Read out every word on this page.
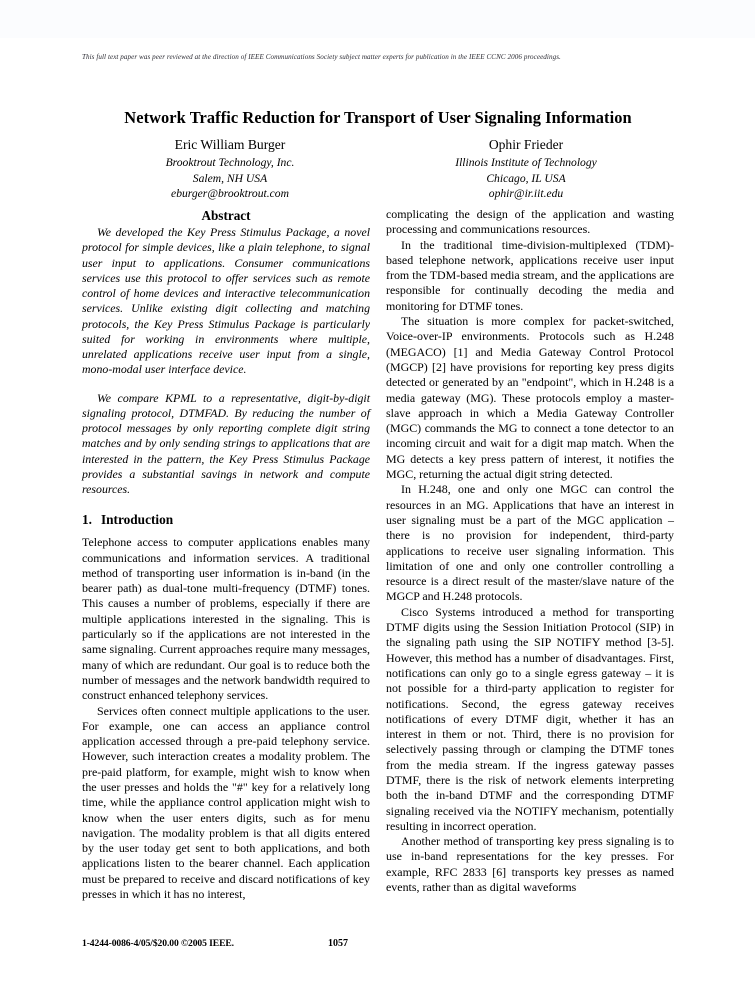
This full text paper was peer reviewed at the direction of IEEE Communications Society subject matter experts for publication in the IEEE CCNC 2006 proceedings.
Network Traffic Reduction for Transport of User Signaling Information
Eric William Burger
Brooktrout Technology, Inc.
Salem, NH USA
eburger@brooktrout.com
Ophir Frieder
Illinois Institute of Technology
Chicago, IL USA
ophir@ir.iit.edu
Abstract

We developed the Key Press Stimulus Package, a novel protocol for simple devices, like a plain telephone, to signal user input to applications. Consumer communications services use this protocol to offer services such as remote control of home devices and interactive telecommunication services. Unlike existing digit collecting and matching protocols, the Key Press Stimulus Package is particularly suited for working in environments where multiple, unrelated applications receive user input from a single, mono-modal user interface device.

We compare KPML to a representative, digit-by-digit signaling protocol, DTMFAD. By reducing the number of protocol messages by only reporting complete digit string matches and by only sending strings to applications that are interested in the pattern, the Key Press Stimulus Package provides a substantial savings in network and compute resources.

1. Introduction

Telephone access to computer applications enables many communications and information services. A traditional method of transporting user information is in-band (in the bearer path) as dual-tone multi-frequency (DTMF) tones. This causes a number of problems, especially if there are multiple applications interested in the signaling. This is particularly so if the applications are not interested in the same signaling. Current approaches require many messages, many of which are redundant. Our goal is to reduce both the number of messages and the network bandwidth required to construct enhanced telephony services.

Services often connect multiple applications to the user. For example, one can access an appliance control application accessed through a pre-paid telephony service. However, such interaction creates a modality problem. The pre-paid platform, for example, might wish to know when the user presses and holds the "#" key for a relatively long time, while the appliance control application might wish to know when the user enters digits, such as for menu navigation. The modality problem is that all digits entered by the user today get sent to both applications, and both applications listen to the bearer channel. Each application must be prepared to receive and discard notifications of key presses in which it has no interest,

complicating the design of the application and wasting processing and communications resources.

In the traditional time-division-multiplexed (TDM)-based telephone network, applications receive user input from the TDM-based media stream, and the applications are responsible for continually decoding the media and monitoring for DTMF tones.

The situation is more complex for packet-switched, Voice-over-IP environments. Protocols such as H.248 (MEGACO) [1] and Media Gateway Control Protocol (MGCP) [2] have provisions for reporting key press digits detected or generated by an "endpoint", which in H.248 is a media gateway (MG). These protocols employ a master-slave approach in which a Media Gateway Controller (MGC) commands the MG to connect a tone detector to an incoming circuit and wait for a digit map match. When the MG detects a key press pattern of interest, it notifies the MGC, returning the actual digit string detected.

In H.248, one and only one MGC can control the resources in an MG. Applications that have an interest in user signaling must be a part of the MGC application – there is no provision for independent, third-party applications to receive user signaling information. This limitation of one and only one controller controlling a resource is a direct result of the master/slave nature of the MGCP and H.248 protocols.

Cisco Systems introduced a method for transporting DTMF digits using the Session Initiation Protocol (SIP) in the signaling path using the SIP NOTIFY method [3-5]. However, this method has a number of disadvantages. First, notifications can only go to a single egress gateway – it is not possible for a third-party application to register for notifications. Second, the egress gateway receives notifications of every DTMF digit, whether it has an interest in them or not. Third, there is no provision for selectively passing through or clamping the DTMF tones from the media stream. If the ingress gateway passes DTMF, there is the risk of network elements interpreting both the in-band DTMF and the corresponding DTMF signaling received via the NOTIFY mechanism, potentially resulting in incorrect operation.

Another method of transporting key press signaling is to use in-band representations for the key presses. For example, RFC 2833 [6] transports key presses as named events, rather than as digital waveforms

1-4244-0086-4/05/$20.00 ©2005 IEEE.	1057
